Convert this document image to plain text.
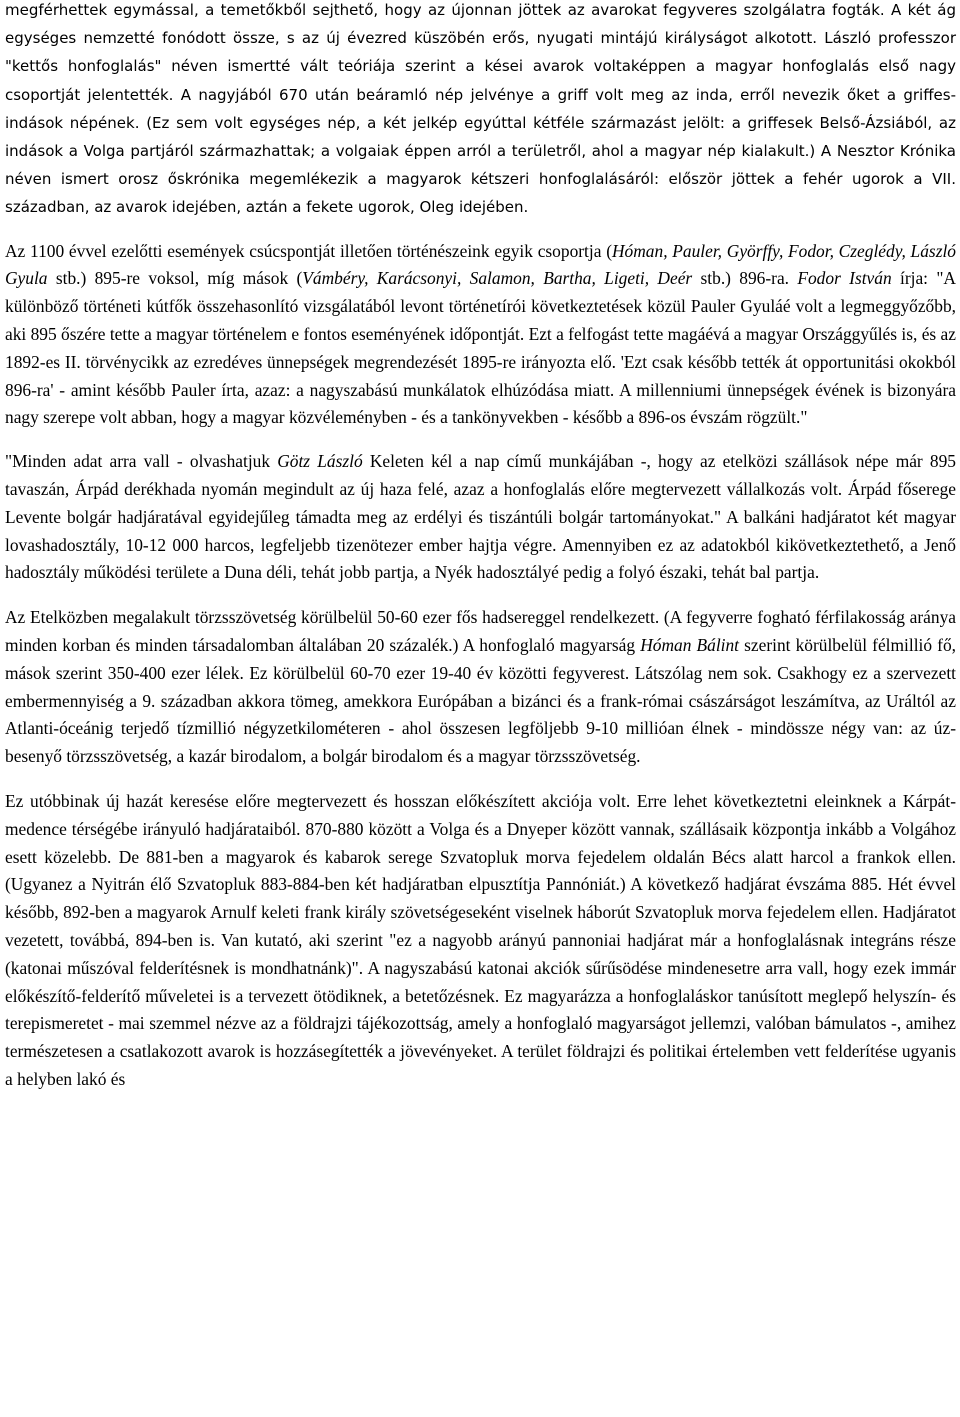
megférhettek egymással, a temetőkből sejthető, hogy az újonnan jöttek az avarokat fegyveres szolgálatra fogták. A két ág egységes nemzetté fonódott össze, s az új évezred küszöbén erős, nyugati mintájú királyságot alkotott. László professzor "kettős honfoglalás" néven ismertté vált teóriája szerint a kései avarok voltaképpen a magyar honfoglalás első nagy csoportját jelentették. A nagyjából 670 után beáramló nép jelvénye a griff volt meg az inda, erről nevezik őket a griffes-indások népének. (Ez sem volt egységes nép, a két jelkép egyúttal kétféle származást jelölt: a griffesek Belső-Ázsiából, az indások a Volga partjáról származhattak; a volgaiak éppen arról a területről, ahol a magyar nép kialakult.) A Nesztor Krónika néven ismert orosz őskrónika megemlékezik a magyarok kétszeri honfoglalásáról: először jöttek a fehér ugorok a VII. században, az avarok idejében, aztán a fekete ugorok, Oleg idejében.

Az 1100 évvel ezelőtti események csúcspontját illetően történészeink egyik csoportja (Hóman, Pauler, Györffy, Fodor, Czeglédy, László Gyula stb.) 895-re voksol, míg mások (Vámbéry, Karácsonyi, Salamon, Bartha, Ligeti, Deér stb.) 896-ra. Fodor István írja: "A különböző történeti kútfők összehasonlító vizsgálatából levont történetírói következtetések közül Pauler Gyuláé volt a legmeggyőzőbb, aki 895 őszére tette a magyar történelem e fontos eseményének időpontját. Ezt a felfogást tette magáévá a magyar Országgyűlés is, és az 1892-es II. törvénycikk az ezredéves ünnepségek megrendezését 1895-re irányozta elő. 'Ezt csak később tették át opportunitási okokból 896-ra' - amint később Pauler írta, azaz: a nagyszabású munkálatok elhúzódása miatt. A millenniumi ünnepségek évének is bizonyára nagy szerepe volt abban, hogy a magyar közvéleményben - és a tankönyvekben - később a 896-os évszám rögzült."

"Minden adat arra vall - olvashatjuk Götz László Keleten kél a nap című munkájában -, hogy az etelközi szállások népe már 895 tavaszán, Árpád derékhada nyomán megindult az új haza felé, azaz a honfoglalás előre megtervezett vállalkozás volt. Árpád főserege Levente bolgár hadjáratával egyidejűleg támadta meg az erdélyi és tiszántúli bolgár tartományokat." A balkáni hadjáratot két magyar lovashadosztály, 10-12 000 harcos, legfeljebb tizenötezer ember hajtja végre. Amennyiben ez az adatokból kikövetkeztethető, a Jenő hadosztály működési területe a Duna déli, tehát jobb partja, a Nyék hadosztályé pedig a folyó északi, tehát bal partja.

Az Etelközben megalakult törzsszövetség körülbelül 50-60 ezer fős hadsereggel rendelkezett. (A fegyverre fogható férfilakosság aránya minden korban és minden társadalomban általában 20 százalék.) A honfoglaló magyarság Hóman Bálint szerint körülbelül félmillió fő, mások szerint 350-400 ezer lélek. Ez körülbelül 60-70 ezer 19-40 év közötti fegyverest. Látszólag nem sok. Csakhogy ez a szervezett embermennyiség a 9. században akkora tömeg, amekkora Európában a bizánci és a frank-római császárságot leszámítva, az Uráltól az Atlanti-óceánig terjedő tízmillió négyzetkilométeren - ahol összesen legföljebb 9-10 millióan élnek - mindössze négy van: az úz-besenyő törzsszövetség, a kazár birodalom, a bolgár birodalom és a magyar törzsszövetség.

Ez utóbbinak új hazát keresése előre megtervezett és hosszan előkészített akciója volt. Erre lehet következtetni eleinknek a Kárpát-medence térségébe irányuló hadjárataiból. 870-880 között a Volga és a Dnyeper között vannak, szállásaik központja inkább a Volgához esett közelebb. De 881-ben a magyarok és kabarok serege Szvatopluk morva fejedelem oldalán Bécs alatt harcol a frankok ellen. (Ugyanez a Nyitrán élő Szvatopluk 883-884-ben két hadjáratban elpusztítja Pannóniát.) A következő hadjárat évszáma 885. Hét évvel később, 892-ben a magyarok Arnulf keleti frank király szövetségeseként viselnek háborút Szvatopluk morva fejedelem ellen. Hadjáratot vezetett, továbbá, 894-ben is. Van kutató, aki szerint "ez a nagyobb arányú pannoniai hadjárat már a honfoglalásnak integráns része (katonai műszóval felderítésnek is mondhatnánk)". A nagyszabású katonai akciók sűrűsödése mindenesetre arra vall, hogy ezek immár előkészítő-felderítő műveletei is a tervezett ötödiknek, a betetőzésnek. Ez magyarázza a honfoglaláskor tanúsított meglepő helyszín- és terepismeretet - mai szemmel nézve az a földrajzi tájékozottság, amely a honfoglaló magyarságot jellemzi, valóban bámulatos -, amihez természetesen a csatlakozott avarok is hozzásegítették a jövevényeket. A terület földrajzi és politikai értelemben vett felderítése ugyanis a helyben lakó és
